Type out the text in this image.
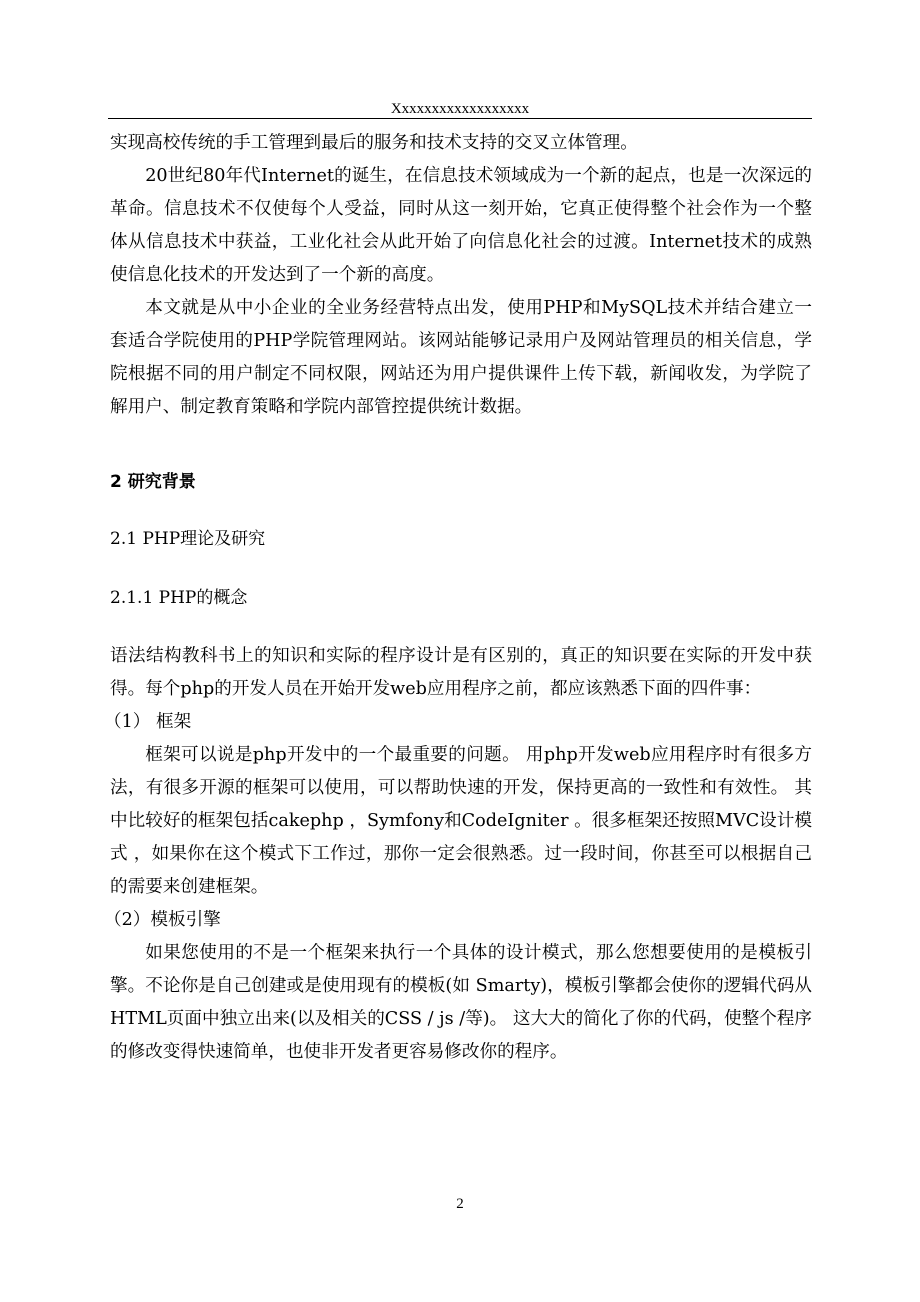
Xxxxxxxxxxxxxxxxxx

实现高校传统的手工管理到最后的服务和技术支持的交叉立体管理。

20世纪80年代Internet的诞生，在信息技术领域成为一个新的起点，也是一次深远的革命。信息技术不仅使每个人受益，同时从这一刻开始，它真正使得整个社会作为一个整体从信息技术中获益，工业化社会从此开始了向信息化社会的过渡。Internet技术的成熟使信息化技术的开发达到了一个新的高度。

本文就是从中小企业的全业务经营特点出发，使用PHP和MySQL技术并结合建立一套适合学院使用的PHP学院管理网站。该网站能够记录用户及网站管理员的相关信息，学院根据不同的用户制定不同权限，网站还为用户提供课件上传下载，新闻收发，为学院了解用户、制定教育策略和学院内部管控提供统计数据。

2 研究背景

2.1 PHP理论及研究

2.1.1 PHP的概念

语法结构教科书上的知识和实际的程序设计是有区别的，真正的知识要在实际的开发中获得。每个php的开发人员在开始开发web应用程序之前，都应该熟悉下面的四件事：

（1） 框架

框架可以说是php开发中的一个最重要的问题。 用php开发web应用程序时有很多方法，有很多开源的框架可以使用，可以帮助快速的开发，保持更高的一致性和有效性。 其中比较好的框架包括cakephp ，Symfony和CodeIgniter 。很多框架还按照MVC设计模式 ，如果你在这个模式下工作过，那你一定会很熟悉。过一段时间，你甚至可以根据自己的需要来创建框架。

（2）模板引擎

如果您使用的不是一个框架来执行一个具体的设计模式，那么您想要使用的是模板引擎。不论你是自己创建或是使用现有的模板(如 Smarty)，模板引擎都会使你的逻辑代码从HTML页面中独立出来(以及相关的CSS / js /等)。 这大大的简化了你的代码，使整个程序的修改变得快速简单，也使非开发者更容易修改你的程序。

2
